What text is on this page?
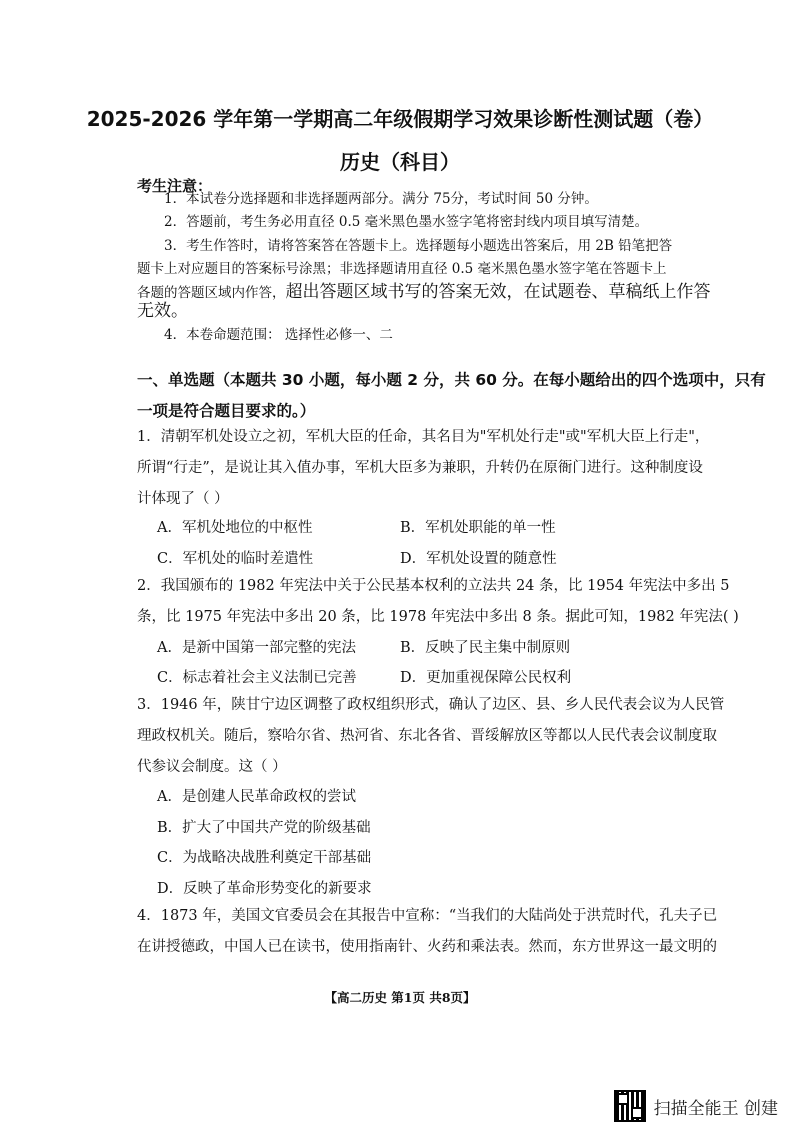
2025-2026 学年第一学期高二年级假期学习效果诊断性测试题（卷）
历史（科目）
考生注意：
1．本试卷分选择题和非选择题两部分。满分 75分，考试时间 50 分钟。
2．答题前，考生务必用直径 0.5 毫米黑色墨水签字笔将密封线内项目填写清楚。
3．考生作答时，请将答案答在答题卡上。选择题每小题选出答案后，用 2B 铅笔把答
题卡上对应题目的答案标号涂黑；非选择题请用直径 0.5 毫米黑色墨水签字笔在答题卡上
各题的答题区域内作答，超出答题区域书写的答案无效，在试题卷、草稿纸上作答
无效。
4．本卷命题范围： 选择性必修一、二
一、单选题（本题共 30 小题，每小题 2 分，共 60 分。在每小题给出的四个选项中，只有
一项是符合题目要求的。）
1．清朝军机处设立之初，军机大臣的任命，其名目为"军机处行走"或"军机大臣上行走"，
所谓“行走”，是说让其入值办事，军机大臣多为兼职，升转仍在原衙门进行。这种制度设
计体现了（ ）
A．军机处地位的中枢性	B．军机处职能的单一性
C．军机处的临时差遣性	D．军机处设置的随意性
2．我国颁布的 1982 年宪法中关于公民基本权利的立法共 24 条，比 1954 年宪法中多出 5
条，比 1975 年宪法中多出 20 条，比 1978 年宪法中多出 8 条。据此可知，1982 年宪法( )
A．是新中国第一部完整的宪法	B．反映了民主集中制原则
C．标志着社会主义法制已完善	D．更加重视保障公民权利
3．1946 年，陕甘宁边区调整了政权组织形式，确认了边区、县、乡人民代表会议为人民管
理政权机关。随后，察哈尔省、热河省、东北各省、晋绥解放区等都以人民代表会议制度取
代参议会制度。这（ ）
A．是创建人民革命政权的尝试
B．扩大了中国共产党的阶级基础
C．为战略决战胜利奠定干部基础
D．反映了革命形势变化的新要求
4．1873 年，美国文官委员会在其报告中宣称：“当我们的大陆尚处于洪荒时代，孔夫子已
在讲授德政，中国人已在读书，使用指南针、火药和乘法表。然而，东方世界这一最文明的
【高二历史 第1页 共8页】
扫描全能王 创建
